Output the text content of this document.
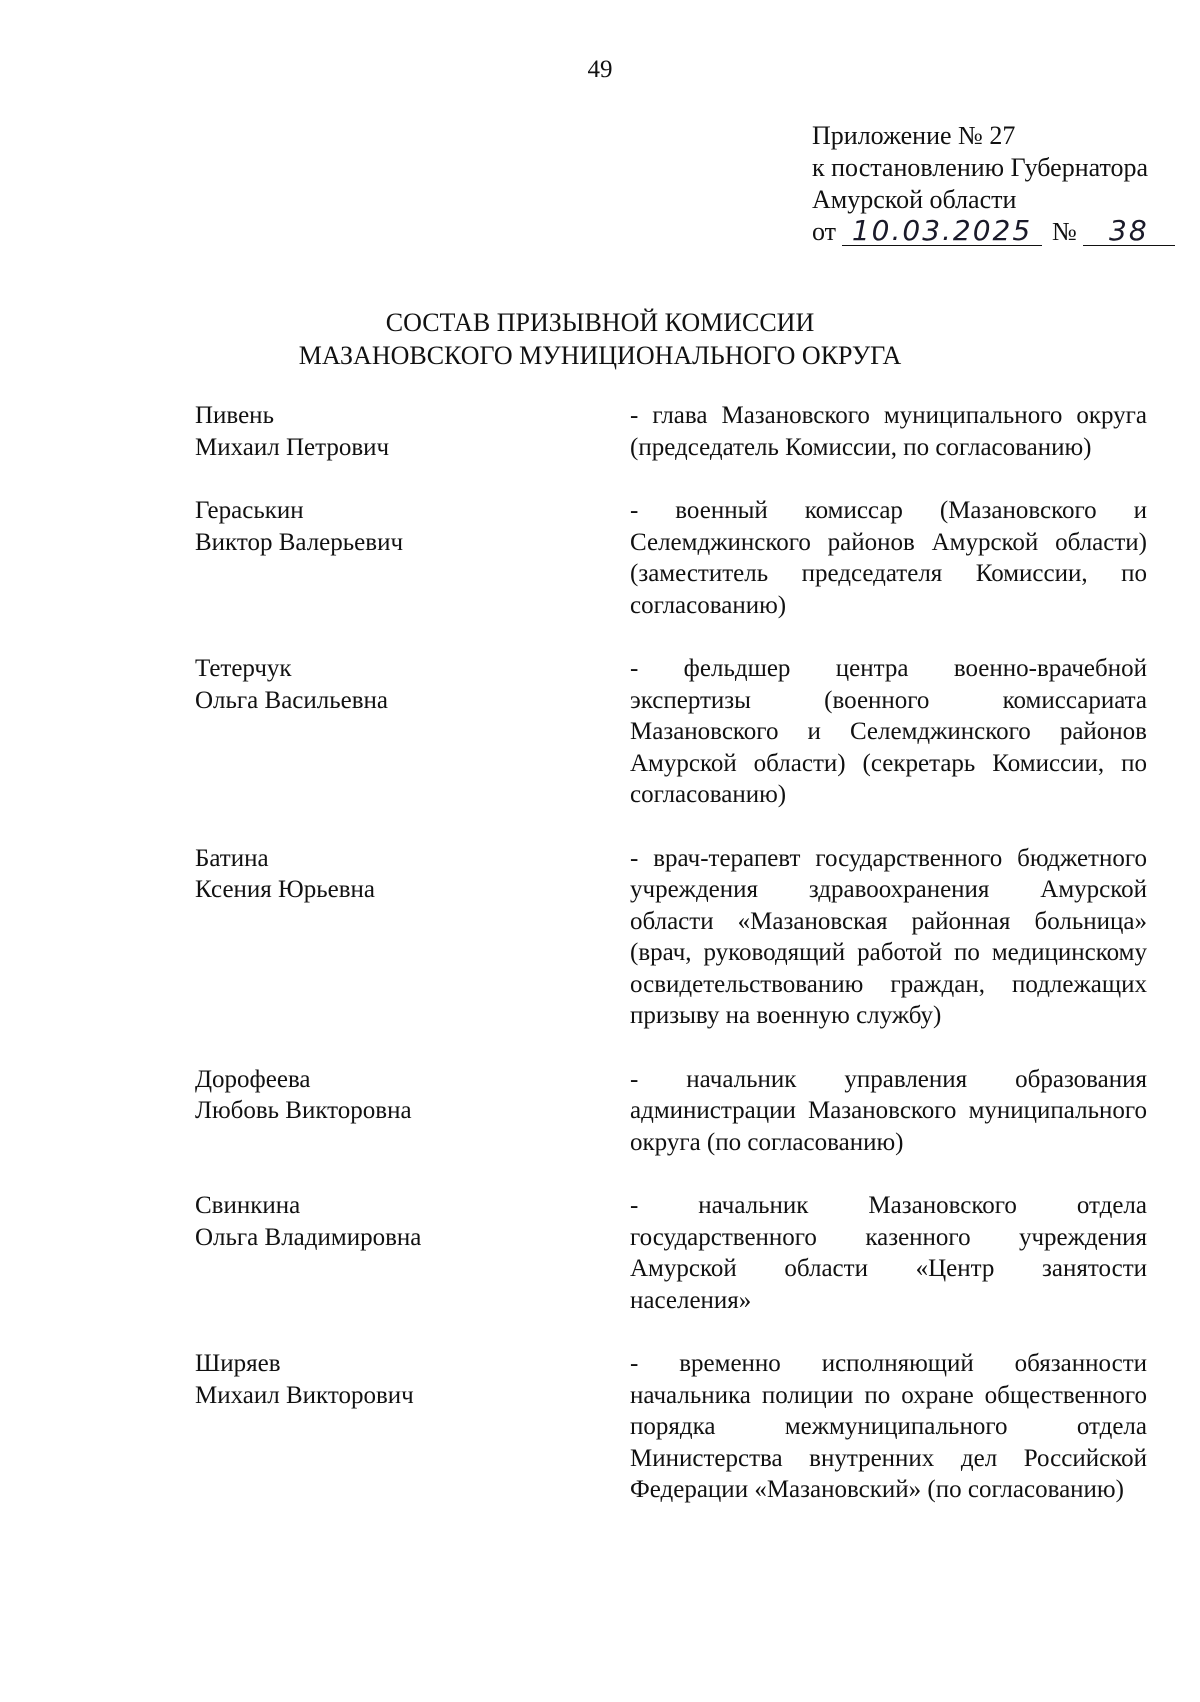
49
Приложение № 27
к постановлению Губернатора
Амурской области
от 10.03.2025 №	38
СОСТАВ ПРИЗЫВНОЙ КОМИССИИ
МАЗАНОВСКОГО МУНИЦИОНАЛЬНОГО ОКРУГА
Пивень
Михаил Петрович
- глава Мазановского муниципального округа (председатель Комиссии, по согласованию)
Гераськин
Виктор Валерьевич
- военный комиссар (Мазановского и Селемджинского районов Амурской области) (заместитель председателя Комиссии, по согласованию)
Тетерчук
Ольга Васильевна
- фельдшер центра военно-врачебной экспертизы (военного комиссариата Мазановского и Селемджинского районов Амурской области) (секретарь Комиссии, по согласованию)
Батина
Ксения Юрьевна
- врач-терапевт государственного бюджетного учреждения здравоохранения Амурской области «Мазановская районная больница» (врач, руководящий работой по медицинскому освидетельствованию граждан, подлежащих призыву на военную службу)
Дорофеева
Любовь Викторовна
- начальник управления образования администрации Мазановского муниципального округа (по согласованию)
Свинкина
Ольга Владимировна
- начальник Мазановского отдела государственного казенного учреждения Амурской области «Центр занятости населения»
Ширяев
Михаил Викторович
- временно исполняющий обязанности начальника полиции по охране общественного порядка межмуниципального отдела Министерства внутренних дел Российской Федерации «Мазановский» (по согласованию)
